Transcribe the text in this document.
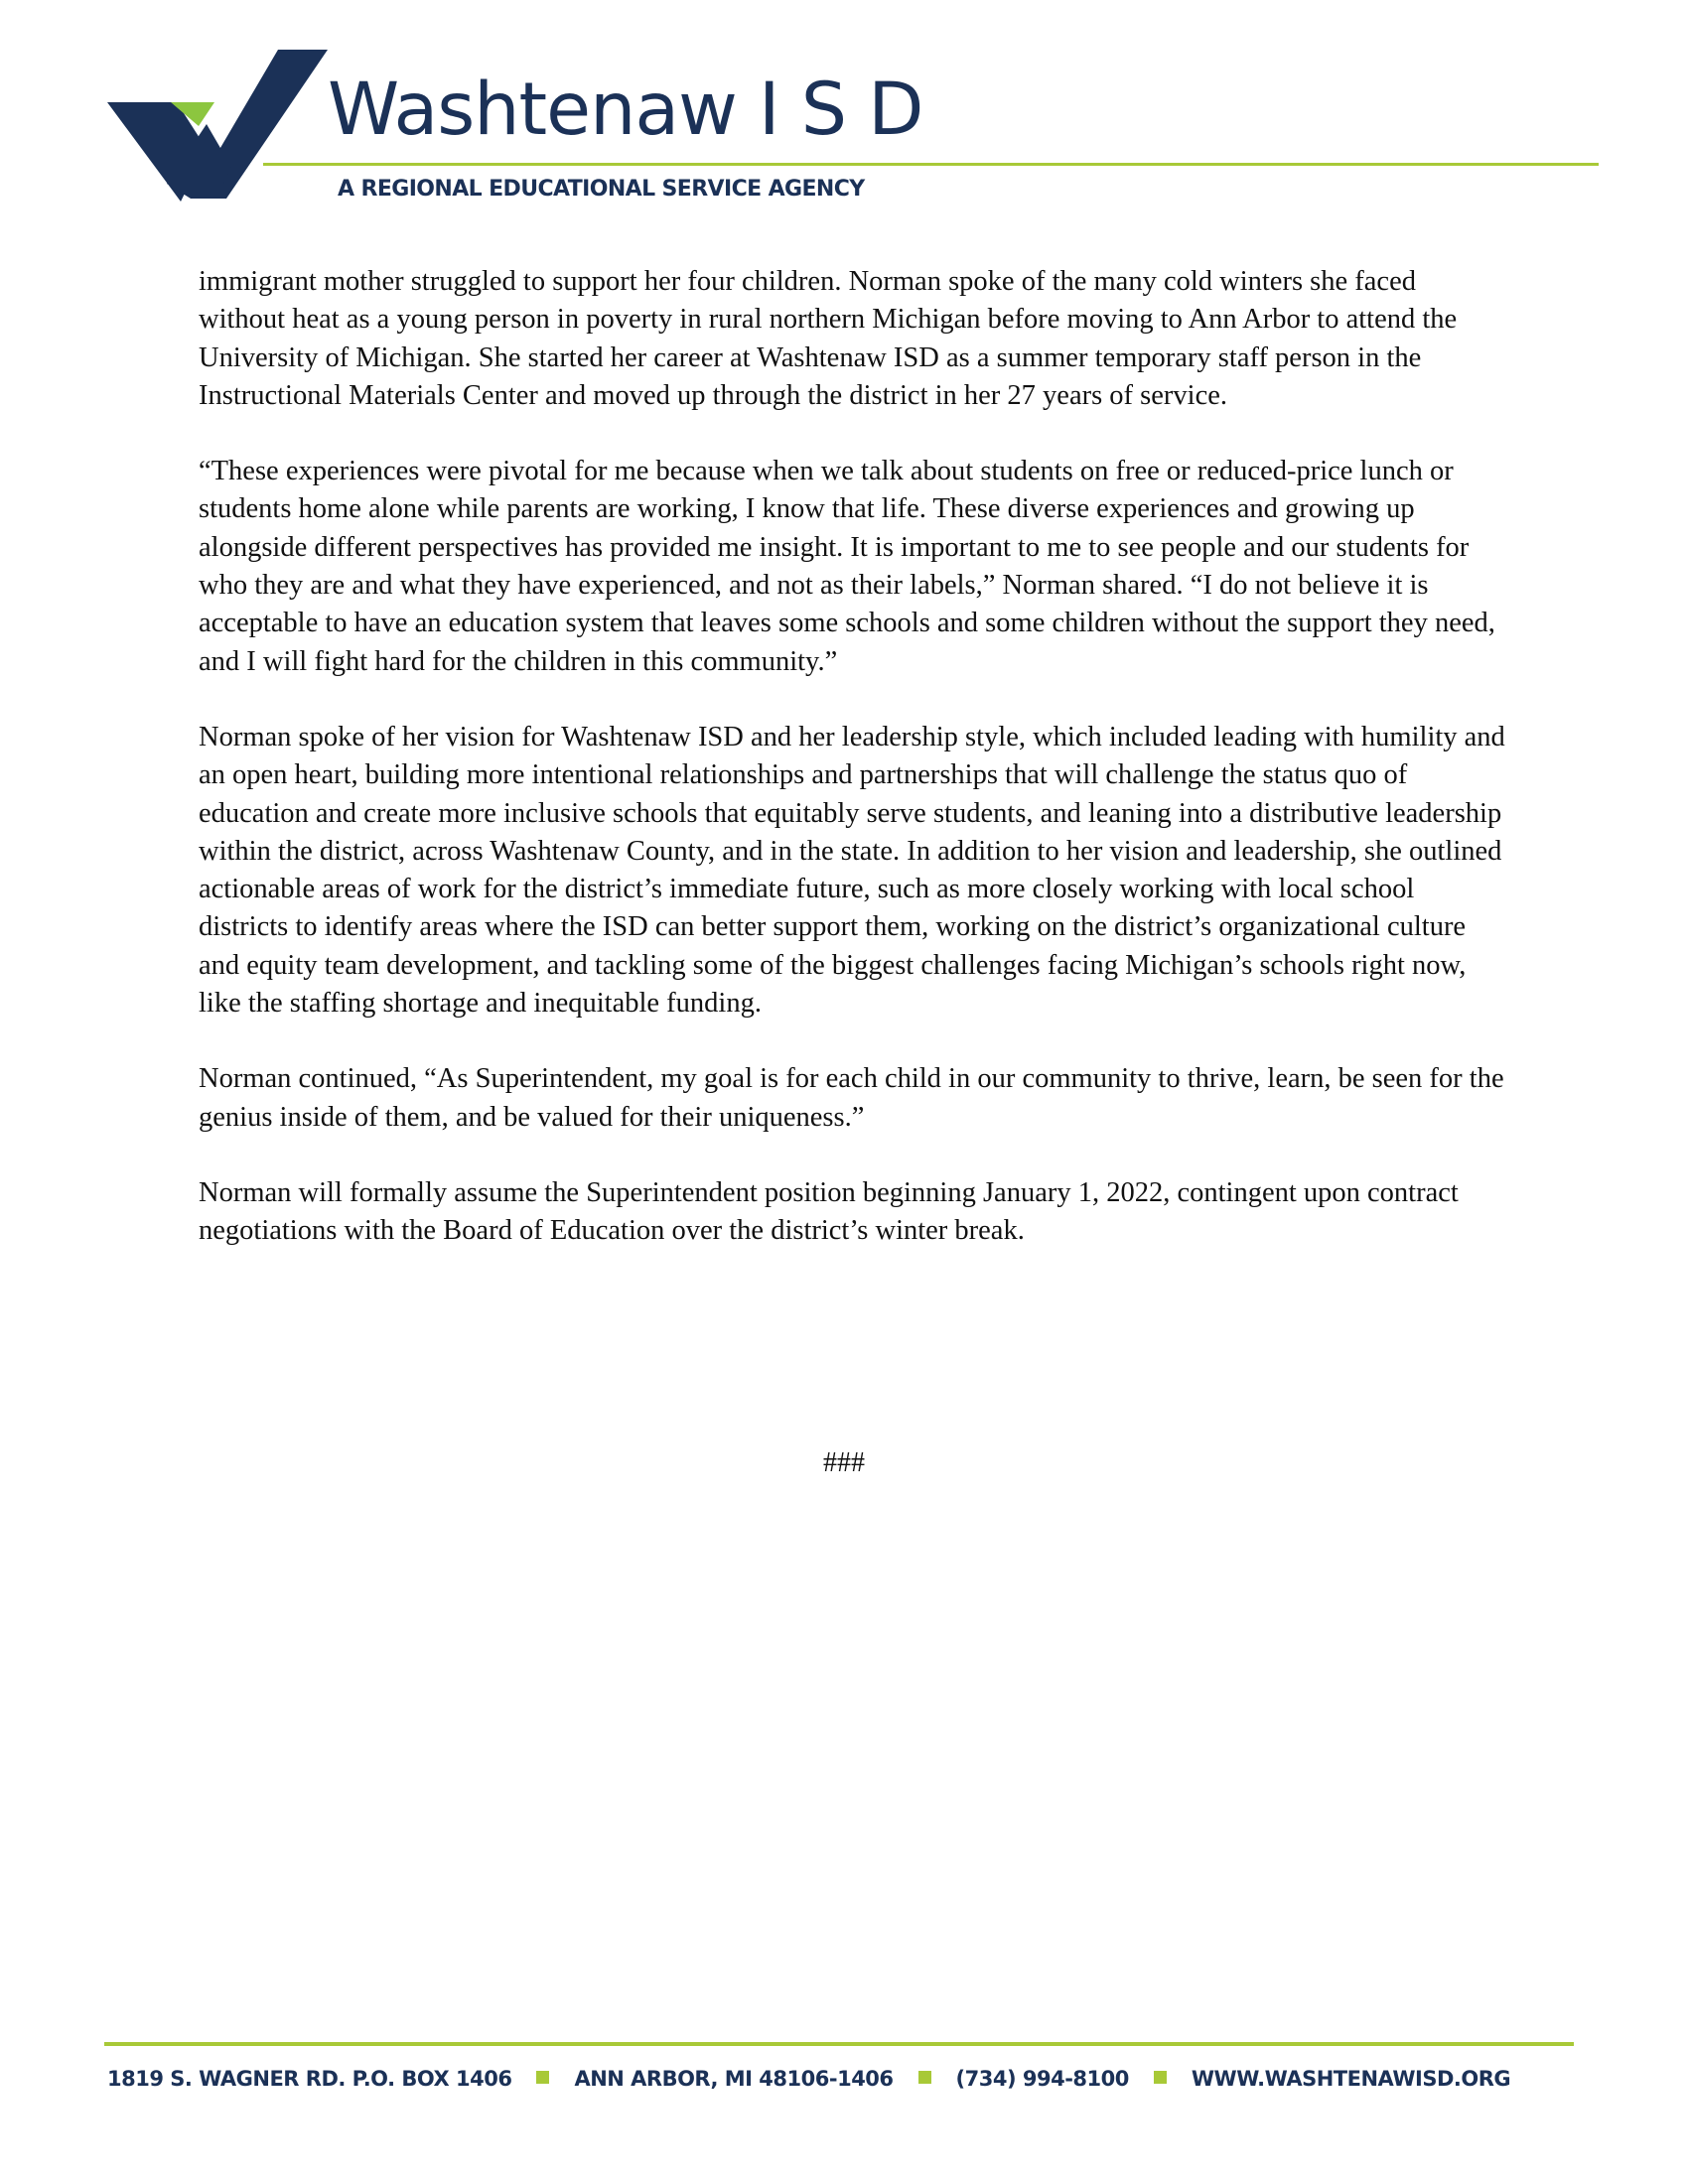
Washtenaw I S D
A REGIONAL EDUCATIONAL SERVICE AGENCY

immigrant mother struggled to support her four children. Norman spoke of the many cold winters she faced without heat as a young person in poverty in rural northern Michigan before moving to Ann Arbor to attend the University of Michigan. She started her career at Washtenaw ISD as a summer temporary staff person in the Instructional Materials Center and moved up through the district in her 27 years of service.

“These experiences were pivotal for me because when we talk about students on free or reduced-price lunch or students home alone while parents are working, I know that life. These diverse experiences and growing up alongside different perspectives has provided me insight. It is important to me to see people and our students for who they are and what they have experienced, and not as their labels,” Norman shared. “I do not believe it is acceptable to have an education system that leaves some schools and some children without the support they need, and I will fight hard for the children in this community.”

Norman spoke of her vision for Washtenaw ISD and her leadership style, which included leading with humility and an open heart, building more intentional relationships and partnerships that will challenge the status quo of education and create more inclusive schools that equitably serve students, and leaning into a distributive leadership within the district, across Washtenaw County, and in the state. In addition to her vision and leadership, she outlined actionable areas of work for the district’s immediate future, such as more closely working with local school districts to identify areas where the ISD can better support them, working on the district’s organizational culture and equity team development, and tackling some of the biggest challenges facing Michigan’s schools right now, like the staffing shortage and inequitable funding.

Norman continued, “As Superintendent, my goal is for each child in our community to thrive, learn, be seen for the genius inside of them, and be valued for their uniqueness.”

Norman will formally assume the Superintendent position beginning January 1, 2022, contingent upon contract negotiations with the Board of Education over the district’s winter break.

###
1819 S. WAGNER RD. P.O. BOX 1406	ANN ARBOR, MI 48106-1406	(734) 994-8100	WWW.WASHTENAWISD.ORG
